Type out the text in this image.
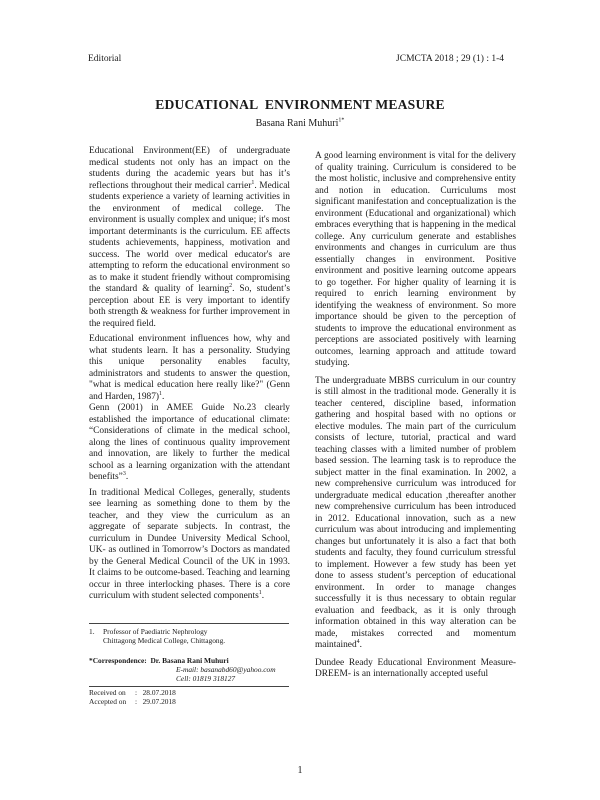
Editorial	JCMCTA 2018 ; 29 (1) : 1-4
EDUCATIONAL  ENVIRONMENT MEASURE
Basana Rani Muhuri$^{1*}$

Educational Environment(EE) of undergraduate medical students not only has an impact on the students during the academic years but has it’s reflections throughout their medical carrier$^1$. Medical students experience a variety of learning activities in the environment of medical college. The environment is usually complex and unique; it's most important determinants is the curriculum. EE affects students achievements, happiness, motivation and success. The world over medical educator's are attempting to reform the educational environment so as to make it student friendly without compromising the standard & quality of learning$^2$. So, student’s perception about EE is very important to identify both strength & weakness for further improvement in the required field.

Educational environment influences how, why and what students learn. It has a personality. Studying this unique personality enables faculty, administrators and students to answer the question, "what is medical education here really like?" (Genn and Harden, 1987)$^1$.

Genn (2001) in AMEE Guide No.23 clearly established the importance of educational climate: “Considerations of climate in the medical school, along the lines of continuous quality improvement and innovation, are likely to further the medical school as a learning organization with the attendant benefits”$^3$.

In traditional Medical Colleges, generally, students see learning as something done to them by the teacher, and they view the curriculum as an aggregate of separate subjects. In contrast, the curriculum in Dundee University Medical School, UK- as outlined in Tomorrow’s Doctors as mandated by the General Medical Council of the UK in 1993. It claims to be outcome-based. Teaching and learning occur in three interlocking phases. There is a core curriculum with student selected components$^1$.

A good learning environment is vital for the delivery of quality training. Curriculum is considered to be the most holistic, inclusive and comprehensive entity and notion in education. Curriculums most significant manifestation and conceptualization is the environment (Educational and organizational) which embraces everything that is happening in the medical college. Any curriculum generate and establishes environments and changes in curriculum are thus essentially changes in environment. Positive environment and positive learning outcome appears to go together. For higher quality of learning it is required to enrich learning environment by identifying the weakness of environment. So more importance should be given to the perception of students to improve the educational environment as perceptions are associated positively with learning outcomes, learning approach and attitude toward studying.

The undergraduate MBBS curriculum in our country is still almost in the traditional mode. Generally it is teacher centered, discipline based, information gathering and hospital based with no options or elective modules. The main part of the curriculum consists of lecture, tutorial, practical and ward teaching classes with a limited number of problem based session. The learning task is to reproduce the subject matter in the final examination. In 2002, a new comprehensive curriculum was introduced for undergraduate medical education ,thereafter another new comprehensive curriculum has been introduced in 2012. Educational innovation, such as a new curriculum was about introducing and implementing changes but unfortunately it is also a fact that both students and faculty, they found curriculum stressful to implement. However a few study has been yet done to assess student’s perception of educational environment. In order to manage changes successfully it is thus necessary to obtain regular evaluation and feedback, as it is only through information obtained in this way alteration can be made, mistakes corrected and momentum maintained$^4$.

Dundee Ready Educational Environment Measure- DREEM- is an internationally accepted useful

1. Professor of Paediatric Nephrology
Chittagong Medical College, Chittagong.
*Correspondence: Dr. Basana Rani Muhuri
E-mail: basanabd60@yahoo.com
Cell: 01819 318127
Received on :   28.07.2018
Accepted on :   29.07.2018
1
